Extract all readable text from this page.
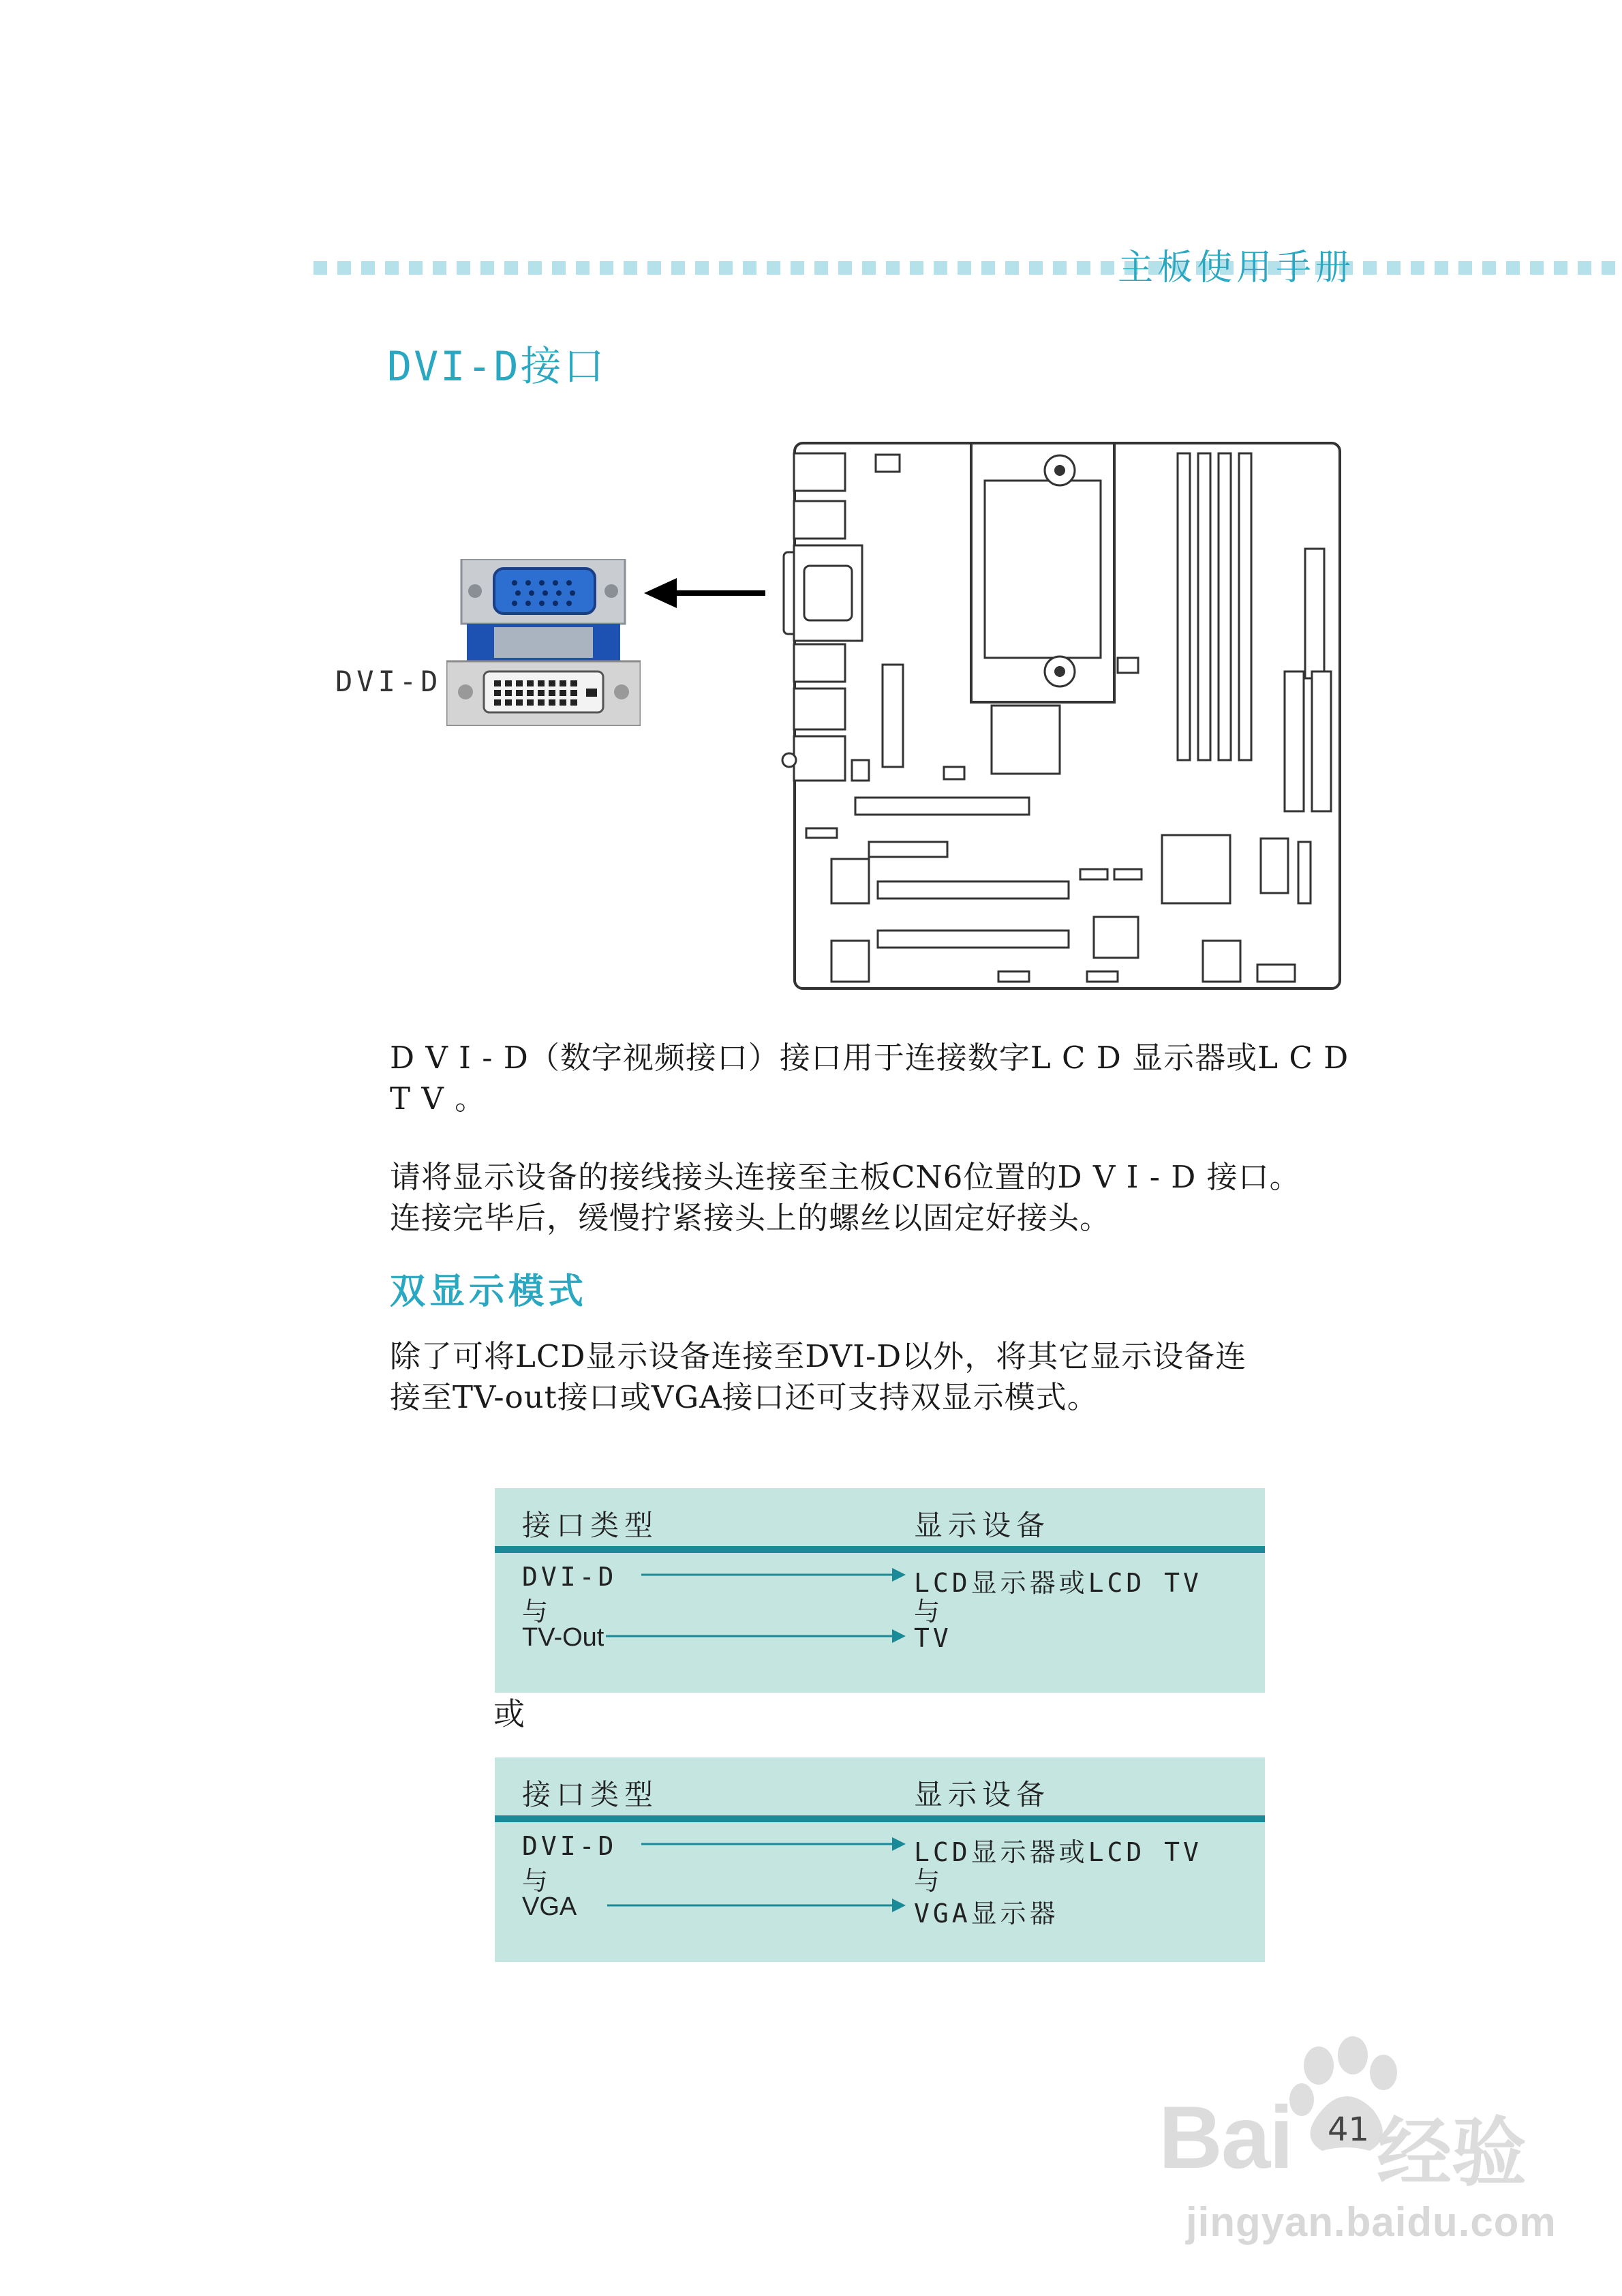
主板使用手册
DVI-D接口
DVI-D
D V I - D（数字视频接口）接口用于连接数字L C D 显示器或L C D
T V 。
请将显示设备的接线接头连接至主板CN6位置的D V I - D 接口。
连接完毕后，缓慢拧紧接头上的螺丝以固定好接头。
双显示模式
除了可将LCD显示设备连接至DVI-D以外，将其它显示设备连
接至TV-out接口或VGA接口还可支持双显示模式。
接口类型	显示设备
DVI-D	LCD显示器或LCD TV
与	与
TV-Out	TV
或
接口类型	显示设备
DVI-D	LCD显示器或LCD TV
与	与
VGA	VGA显示器
Bai 经验
jingyan.baidu.com
41
